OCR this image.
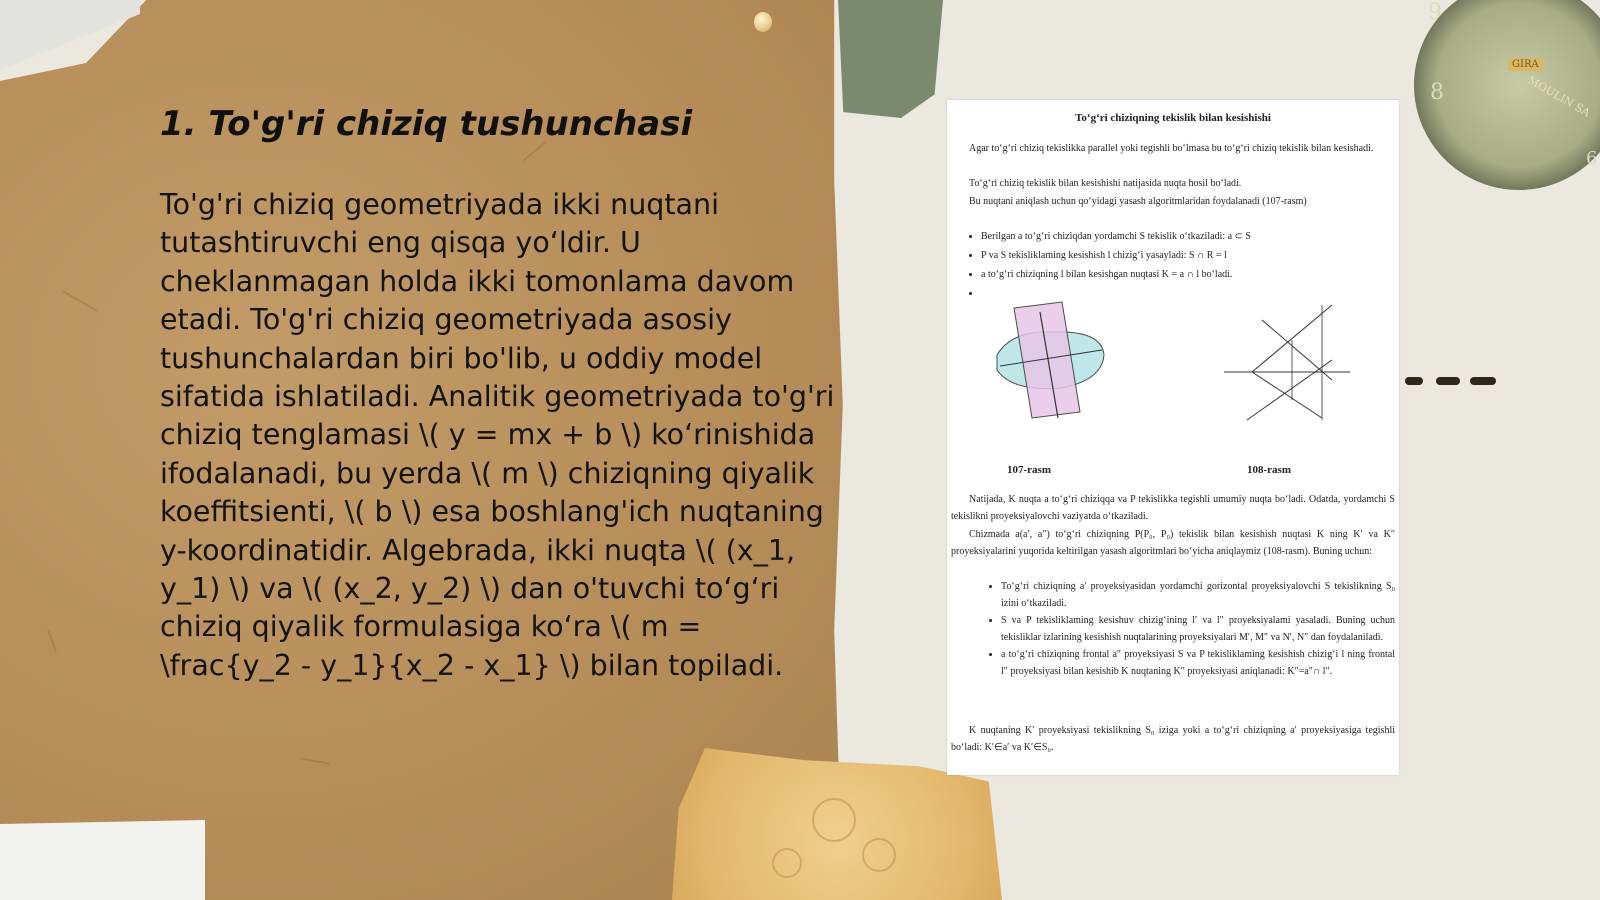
9
8
6
GIRA
MOULIN SA
1. To'g'ri chiziq tushunchasi

To'g'ri chiziq geometriyada ikki nuqtani tutashtiruvchi eng qisqa yo‘ldir. U cheklanmagan holda ikki tomonlama davom etadi. To'g'ri chiziq geometriyada asosiy tushunchalardan biri bo'lib, u oddiy model sifatida ishlatiladi. Analitik geometriyada to'g'ri chiziq tenglamasi \( y = mx + b \) ko‘rinishida ifodalanadi, bu yerda \( m \) chiziqning qiyalik koeffitsienti, \( b \) esa boshlang'ich nuqtaning y-koordinatidir. Algebrada, ikki nuqta \( (x_1, y_1) \) va \( (x_2, y_2) \) dan o'tuvchi to‘g‘ri chiziq qiyalik formulasiga ko‘ra \( m = \frac{y_2 - y_1}{x_2 - x_1} \) bilan topiladi.

To‘g‘ri chiziqning tekislik bilan kesishishi

Agar to‘g‘ri chiziq tekislikka parallel yoki tegishli bo‘lmasa bu to‘g‘ri chiziq tekislik bilan kesishadi.

To‘g‘ri chiziq tekislik bilan kesishishi natijasida nuqta hosil bo‘ladi.

Bu nuqtani aniqlash uchun qo‘yidagi yasash algoritmlaridan foydalanadi (107-rasm)

• Berilgan a to‘g‘ri chiziqdan yordamchi S tekislik o‘tkaziladi: a ⊂ S
• P va S tekisliklaming kesishish l chizig‘i yasayladi: S ∩ R = l
• a to‘g‘ri chiziqning l bilan kesishgan nuqtasi K = a ∩ l bo‘ladi.
•
107-rasm	108-rasm

Natijada, K nuqta a to‘g‘ri chiziqqa va P tekislikka tegishli umumiy nuqta bo‘ladi. Odatda, yordamchi S tekislikni proyeksiyalovchi vaziyatda o‘tkaziladi.

Chizmada a(a′, a″) to‘g‘ri chiziqning P(P₀, P₀) tekislik bilan kesishish nuqtasi K ning K′ va K″ proyeksiyalarini yuqorida keltirilgan yasash algoritmlari bo‘yicha aniqlaymiz (108-rasm). Buning uchun:

• To‘g‘ri chiziqning a′ proyeksiyasidan yordamchi gorizontal proyeksiyalovchi S tekislikning S₀ izini o‘tkaziladi.
• S va P tekisliklaming kesishuv chizig‘ining l′ va l″ proyeksiyalami yasaladi. Buning uchun tekisliklar izlarining kesishish nuqtalarining proyeksiyalari M′, M″ va N′, N″ dan foydalaniladi.
• a to‘g‘ri chiziqning frontal a″ proyeksiyasi S va P tekisliklaming kesishish chizig‘i l ning frontal l″ proyeksiyasi bilan kesishib K nuqtaning K″ proyeksiyasi aniqlanadi: K″=a″∩ l″.

K nuqtaning K′ proyeksiyasi tekislikning S₀ iziga yoki a to‘g‘ri chiziqning a′ proyeksiyasiga tegishli bo‘ladi: K′∈a′ va K′∈S₀.
